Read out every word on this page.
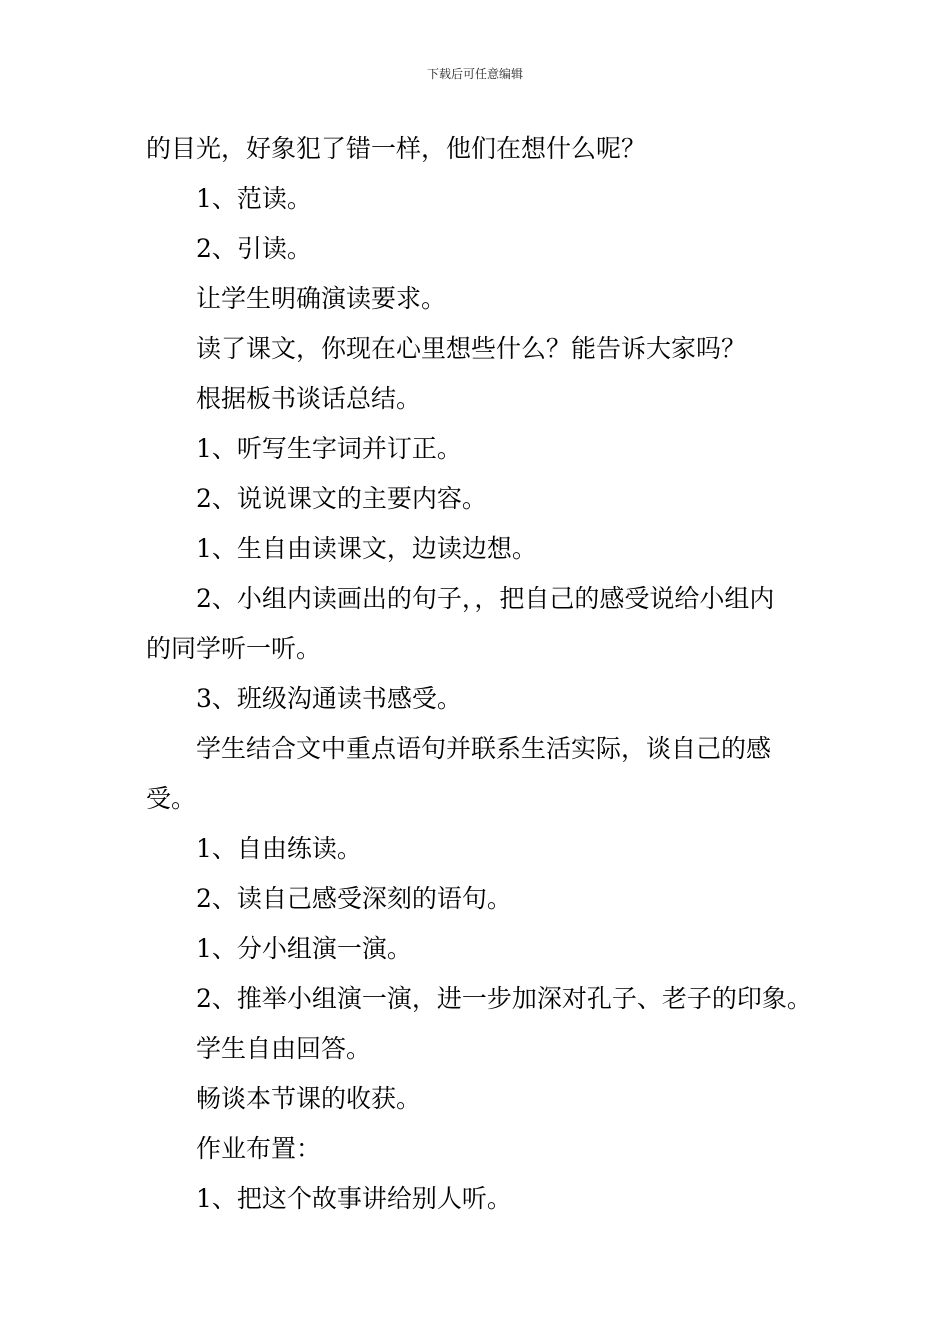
下载后可任意编辑

的目光，好象犯了错一样，他们在想什么呢？

1、范读。

2、引读。

让学生明确演读要求。

读了课文，你现在心里想些什么？能告诉大家吗？

根据板书谈话总结。

1、听写生字词并订正。

2、说说课文的主要内容。

1、生自由读课文，边读边想。

2、小组内读画出的句子，，把自己的感受说给小组内

的同学听一听。

3、班级沟通读书感受。

学生结合文中重点语句并联系生活实际，谈自己的感

受。

1、自由练读。

2、读自己感受深刻的语句。

1、分小组演一演。

2、推举小组演一演，进一步加深对孔子、老子的印象。

学生自由回答。

畅谈本节课的收获。

作业布置：

1、把这个故事讲给别人听。
